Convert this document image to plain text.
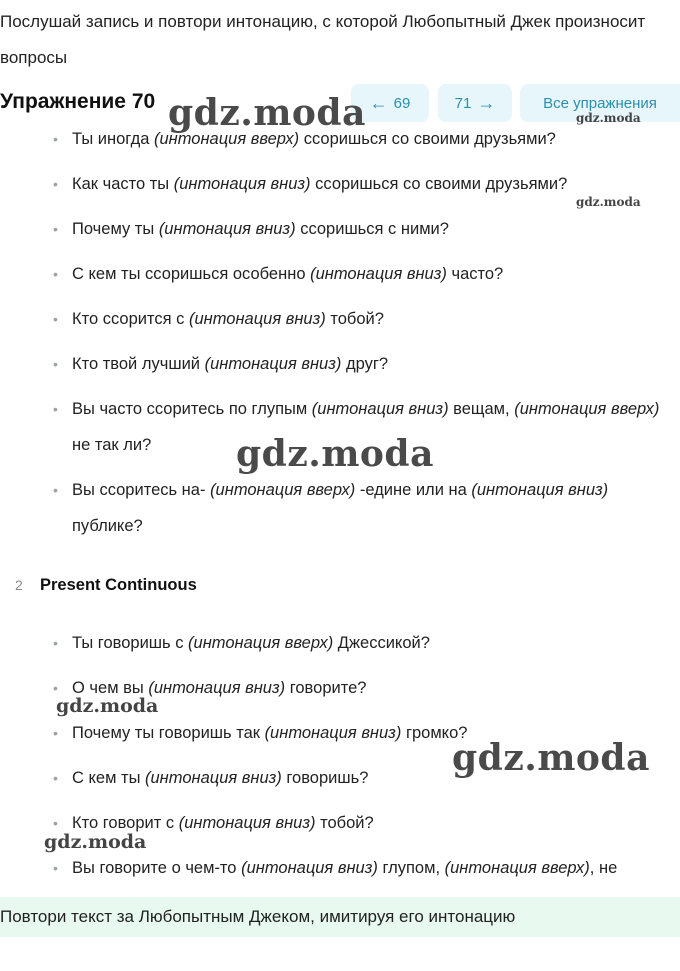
Послушай запись и повтори интонацию, с которой Любопытный Джек произносит вопросы
• Ты иногда (интонация вверх) ссоришься со своими друзьями?
• Как часто ты (интонация вниз) ссоришься со своими друзьями?
• Почему ты (интонация вниз) ссоришься с ними?
• С кем ты ссоришься особенно (интонация вниз) часто?
• Кто ссорится с (интонация вниз) тобой?
• Кто твой лучший (интонация вниз) друг?
• Вы часто ссоритесь по глупым (интонация вниз) вещам, (интонация вверх) не так ли?
• Вы ссоритесь на- (интонация вверх) -едине или на (интонация вниз) публике?
2 Present Continuous
• Ты говоришь с (интонация вверх) Джессикой?
• О чем вы (интонация вниз) говорите?
• Почему ты говоришь так (интонация вниз) громко?
• С кем ты (интонация вниз) говоришь?
• Кто говорит с (интонация вниз) тобой?
• Вы говорите о чем-то (интонация вниз) глупом, (интонация вверх), не
Упражнение 70	← 69	71 →	Все упражнения
Повтори текст за Любопытным Джеком, имитируя его интонацию
gdz.moda	gdz.moda
gdz.moda
gdz.moda
gdz.moda
gdz.moda
gdz.moda
